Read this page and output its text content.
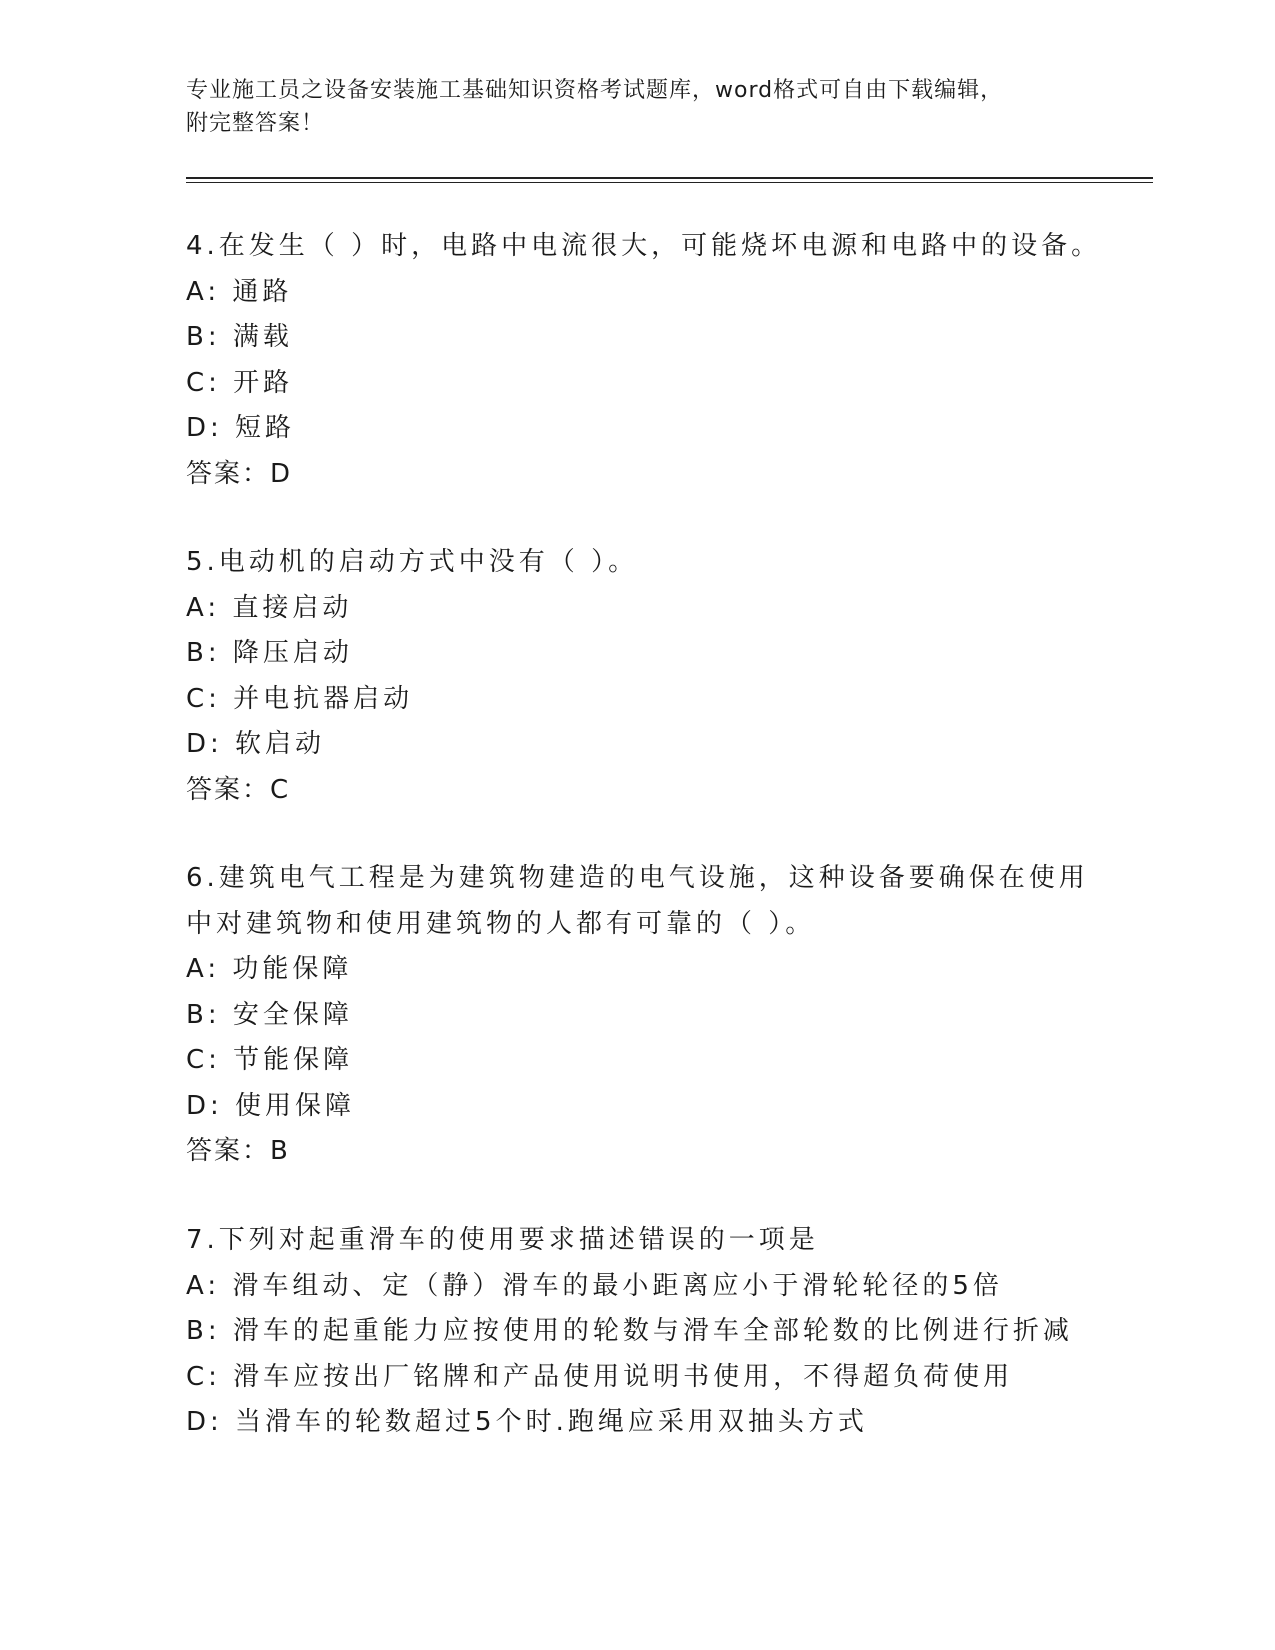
专业施工员之设备安装施工基础知识资格考试题库，word格式可自由下载编辑，
附完整答案！
4.在发生（ ）时，电路中电流很大，可能烧坏电源和电路中的设备。
A: 通路
B: 满载
C: 开路
D: 短路
答案：D
5.电动机的启动方式中没有（ ）。
A: 直接启动
B: 降压启动
C: 并电抗器启动
D: 软启动
答案：C
6.建筑电气工程是为建筑物建造的电气设施，这种设备要确保在使用
中对建筑物和使用建筑物的人都有可靠的（ ）。
A: 功能保障
B: 安全保障
C: 节能保障
D: 使用保障
答案：B
7.下列对起重滑车的使用要求描述错误的一项是
A: 滑车组动、定（静）滑车的最小距离应小于滑轮轮径的5倍
B: 滑车的起重能力应按使用的轮数与滑车全部轮数的比例进行折减
C: 滑车应按出厂铭牌和产品使用说明书使用，不得超负荷使用
D: 当滑车的轮数超过5个时.跑绳应采用双抽头方式
